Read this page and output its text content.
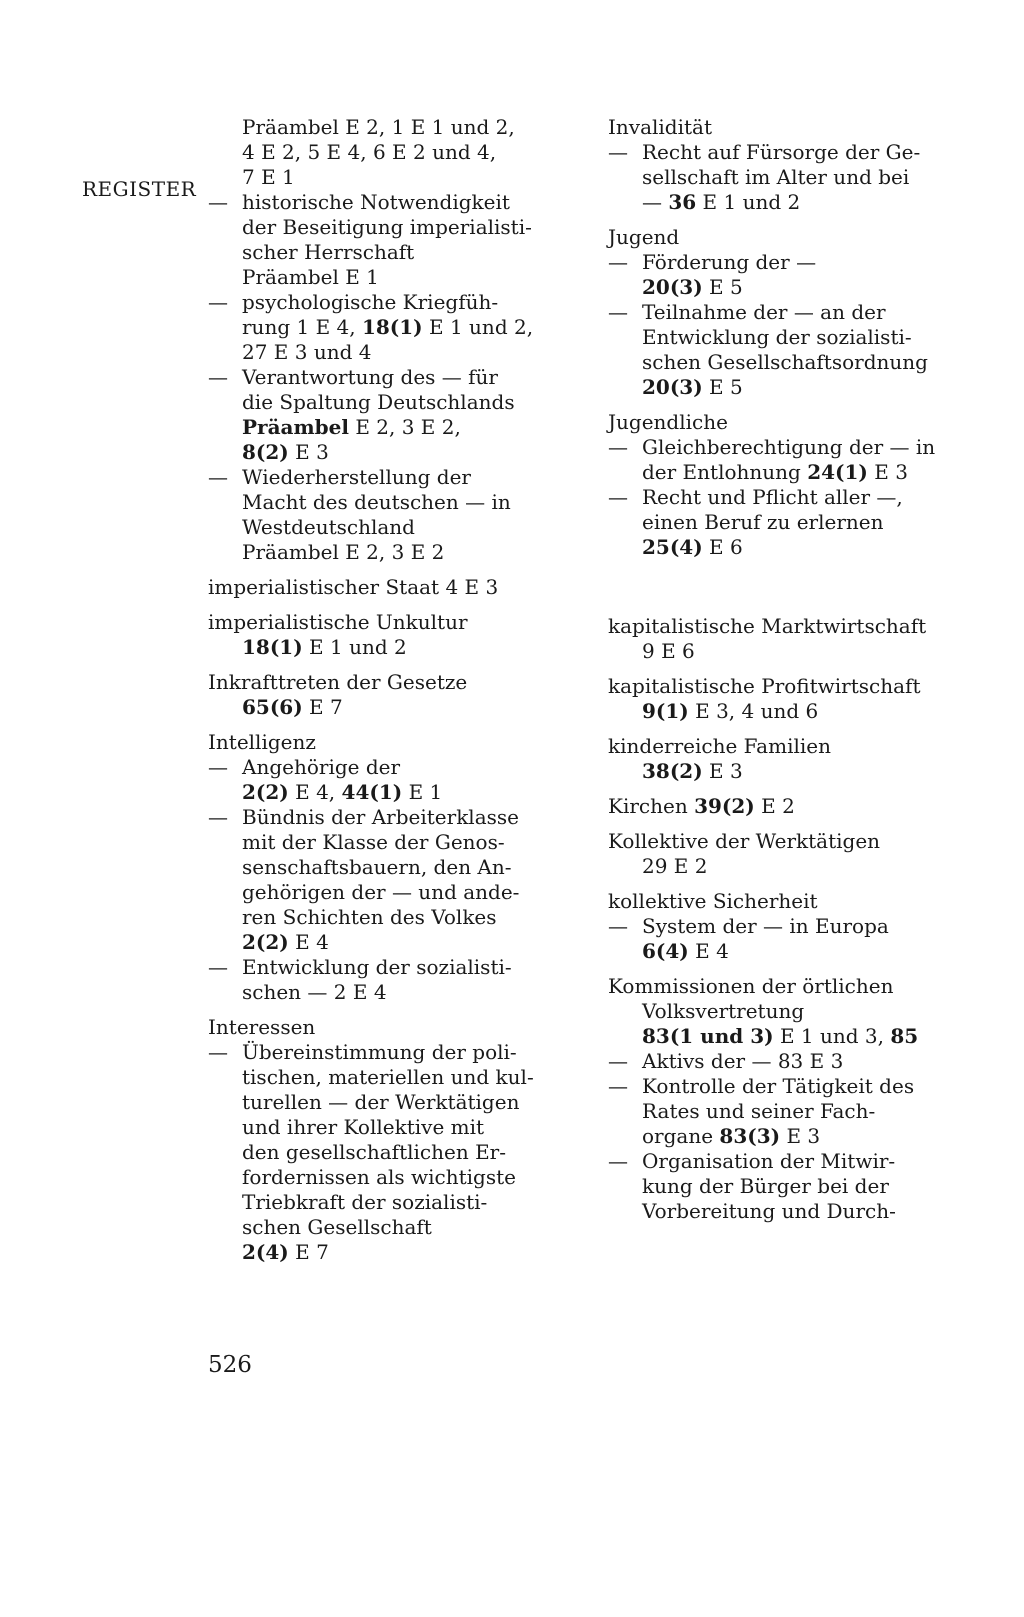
REGISTER
Präambel E 2, 1 E 1 und 2,
4 E 2, 5 E 4, 6 E 2 und 4,
7 E 1
— historische Notwendigkeit
der Beseitigung imperialisti-
scher Herrschaft
Präambel E 1
— psychologische Kriegfüh-
rung 1 E 4, 18(1) E 1 und 2,
27 E 3 und 4
— Verantwortung des — für
die Spaltung Deutschlands
Präambel E 2, 3 E 2,
8(2) E 3
— Wiederherstellung der
Macht des deutschen — in
Westdeutschland
Präambel E 2, 3 E 2
imperialistischer Staat 4 E 3
imperialistische Unkultur
18(1) E 1 und 2
Inkrafttreten der Gesetze
65(6) E 7
Intelligenz
— Angehörige der
2(2) E 4, 44(1) E 1
— Bündnis der Arbeiterklasse
mit der Klasse der Genos-
senschaftsbauern, den An-
gehörigen der — und ande-
ren Schichten des Volkes
2(2) E 4
— Entwicklung der sozialisti-
schen — 2 E 4
Interessen
— Übereinstimmung der poli-
tischen, materiellen und kul-
turellen — der Werktätigen
und ihrer Kollektive mit
den gesellschaftlichen Er-
fordernissen als wichtigste
Triebkraft der sozialisti-
schen Gesellschaft
2(4) E 7
Invalidität
— Recht auf Fürsorge der Ge-
sellschaft im Alter und bei
— 36 E 1 und 2
Jugend
— Förderung der —
20(3) E 5
— Teilnahme der — an der
Entwicklung der sozialisti-
schen Gesellschaftsordnung
20(3) E 5
Jugendliche
— Gleichberechtigung der — in
der Entlohnung 24(1) E 3
— Recht und Pflicht aller —,
einen Beruf zu erlernen
25(4) E 6
kapitalistische Marktwirtschaft
9 E 6
kapitalistische Profitwirtschaft
9(1) E 3, 4 und 6
kinderreiche Familien
38(2) E 3
Kirchen 39(2) E 2
Kollektive der Werktätigen
29 E 2
kollektive Sicherheit
— System der — in Europa
6(4) E 4
Kommissionen der örtlichen
Volksvertretung
83(1 und 3) E 1 und 3, 85
— Aktivs der — 83 E 3
— Kontrolle der Tätigkeit des
Rates und seiner Fach-
organe 83(3) E 3
— Organisation der Mitwir-
kung der Bürger bei der
Vorbereitung und Durch-
526
